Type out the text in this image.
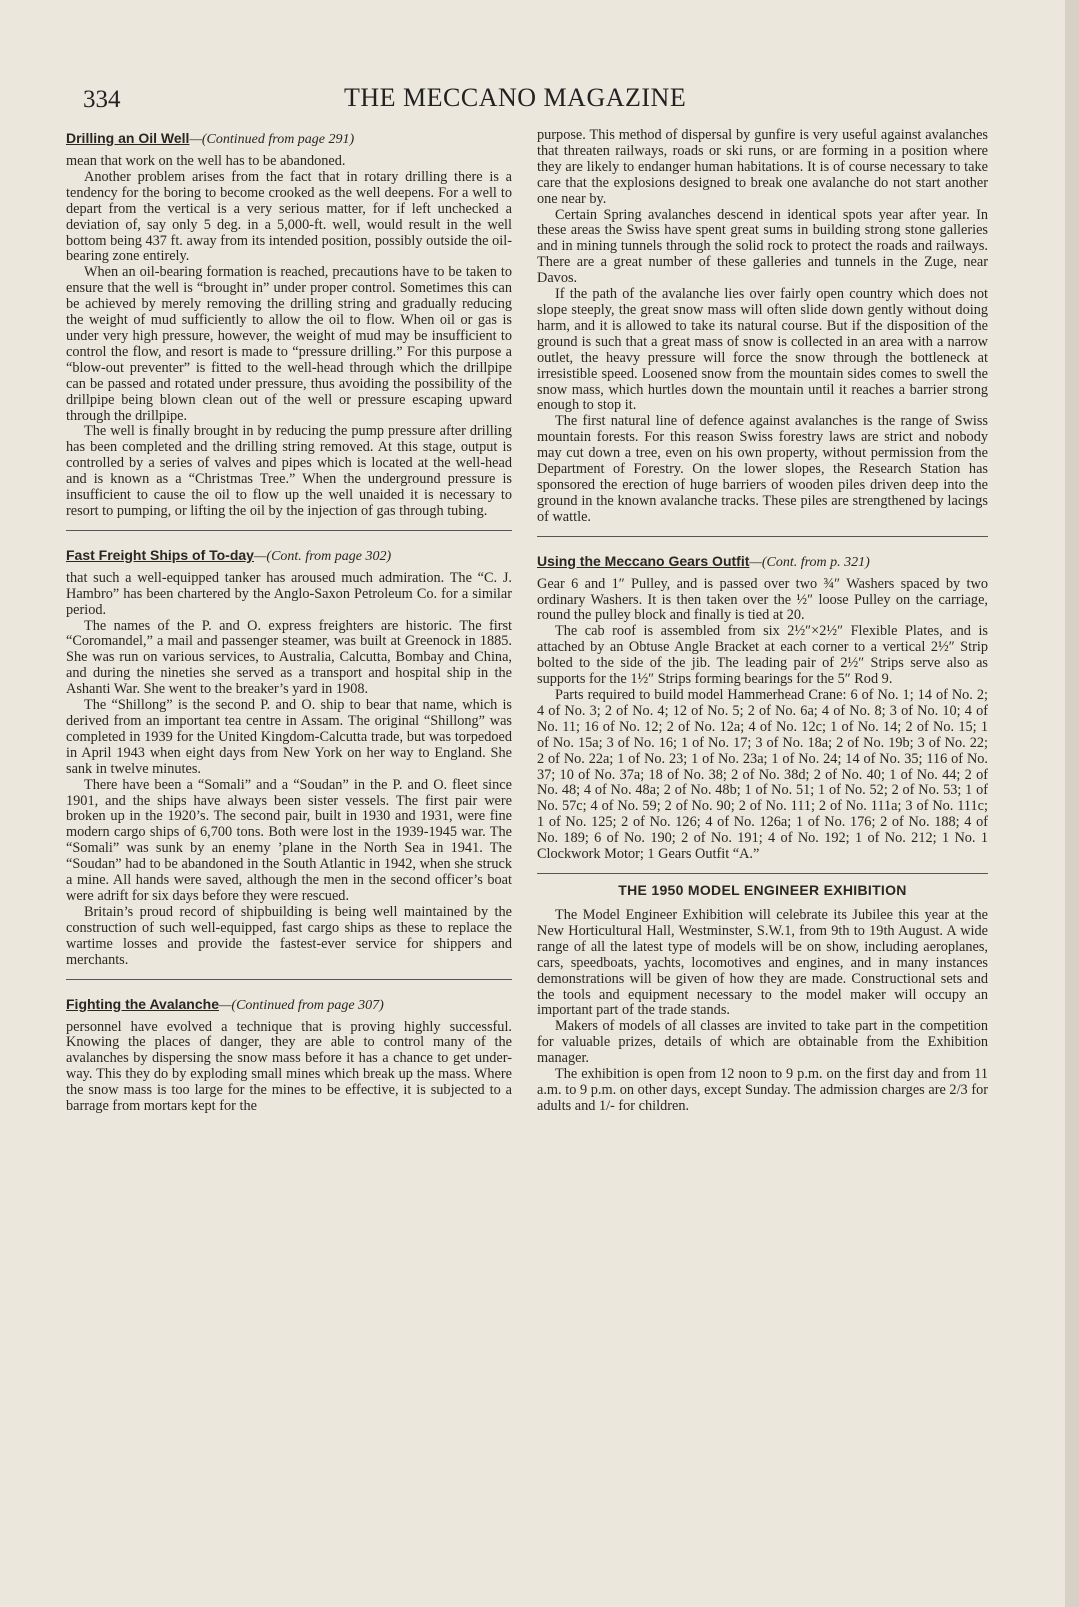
334	THE MECCANO MAGAZINE
Drilling an Oil Well—(Continued from page 291)

mean that work on the well has to be abandoned.

Another problem arises from the fact that in rotary drilling there is a tendency for the boring to become crooked as the well deepens. For a well to depart from the vertical is a very serious matter, for if left unchecked a deviation of, say only 5 deg. in a 5,000-ft. well, would result in the well bottom being 437 ft. away from its intended position, possibly outside the oil-bearing zone entirely.

When an oil-bearing formation is reached, precautions have to be taken to ensure that the well is “brought in” under proper control. Sometimes this can be achieved by merely removing the drilling string and gradually reducing the weight of mud sufficiently to allow the oil to flow. When oil or gas is under very high pressure, however, the weight of mud may be insufficient to control the flow, and resort is made to “pressure drilling.” For this purpose a “blow-out preventer” is fitted to the well-head through which the drillpipe can be passed and rotated under pressure, thus avoiding the possibility of the drillpipe being blown clean out of the well or pressure escaping upward through the drillpipe.

The well is finally brought in by reducing the pump pressure after drilling has been completed and the drilling string removed. At this stage, output is controlled by a series of valves and pipes which is located at the well-head and is known as a “Christmas Tree.” When the underground pressure is insufficient to cause the oil to flow up the well unaided it is necessary to resort to pumping, or lifting the oil by the injection of gas through tubing.

Fast Freight Ships of To-day—(Cont. from page 302)

that such a well-equipped tanker has aroused much admiration. The “C. J. Hambro” has been chartered by the Anglo-Saxon Petroleum Co. for a similar period.

The names of the P. and O. express freighters are historic. The first “Coromandel,” a mail and passenger steamer, was built at Greenock in 1885. She was run on various services, to Australia, Calcutta, Bombay and China, and during the nineties she served as a transport and hospital ship in the Ashanti War. She went to the breaker’s yard in 1908.

The “Shillong” is the second P. and O. ship to bear that name, which is derived from an important tea centre in Assam. The original “Shillong” was completed in 1939 for the United Kingdom-Calcutta trade, but was torpedoed in April 1943 when eight days from New York on her way to England. She sank in twelve minutes.

There have been a “Somali” and a “Soudan” in the P. and O. fleet since 1901, and the ships have always been sister vessels. The first pair were broken up in the 1920’s. The second pair, built in 1930 and 1931, were fine modern cargo ships of 6,700 tons. Both were lost in the 1939-1945 war. The “Somali” was sunk by an enemy ’plane in the North Sea in 1941. The “Soudan” had to be abandoned in the South Atlantic in 1942, when she struck a mine. All hands were saved, although the men in the second officer’s boat were adrift for six days before they were rescued.

Britain’s proud record of shipbuilding is being well maintained by the construction of such well-equipped, fast cargo ships as these to replace the wartime losses and provide the fastest-ever service for shippers and merchants.

Fighting the Avalanche—(Continued from page 307)

personnel have evolved a technique that is proving highly successful. Knowing the places of danger, they are able to control many of the avalanches by dispersing the snow mass before it has a chance to get under-way. This they do by exploding small mines which break up the mass. Where the snow mass is too large for the mines to be effective, it is subjected to a barrage from mortars kept for the

purpose. This method of dispersal by gunfire is very useful against avalanches that threaten railways, roads or ski runs, or are forming in a position where they are likely to endanger human habitations. It is of course necessary to take care that the explosions designed to break one avalanche do not start another one near by.

Certain Spring avalanches descend in identical spots year after year. In these areas the Swiss have spent great sums in building strong stone galleries and in mining tunnels through the solid rock to protect the roads and railways. There are a great number of these galleries and tunnels in the Zuge, near Davos.

If the path of the avalanche lies over fairly open country which does not slope steeply, the great snow mass will often slide down gently without doing harm, and it is allowed to take its natural course. But if the disposition of the ground is such that a great mass of snow is collected in an area with a narrow outlet, the heavy pressure will force the snow through the bottleneck at irresistible speed. Loosened snow from the mountain sides comes to swell the snow mass, which hurtles down the mountain until it reaches a barrier strong enough to stop it.

The first natural line of defence against avalanches is the range of Swiss mountain forests. For this reason Swiss forestry laws are strict and nobody may cut down a tree, even on his own property, without permission from the Department of Forestry. On the lower slopes, the Research Station has sponsored the erection of huge barriers of wooden piles driven deep into the ground in the known avalanche tracks. These piles are strengthened by lacings of wattle.

Using the Meccano Gears Outfit—(Cont. from p. 321)

Gear 6 and 1″ Pulley, and is passed over two ¾″ Washers spaced by two ordinary Washers. It is then taken over the ½″ loose Pulley on the carriage, round the pulley block and finally is tied at 20.

The cab roof is assembled from six 2½″×2½″ Flexible Plates, and is attached by an Obtuse Angle Bracket at each corner to a vertical 2½″ Strip bolted to the side of the jib. The leading pair of 2½″ Strips serve also as supports for the 1½″ Strips forming bearings for the 5″ Rod 9.

Parts required to build model Hammerhead Crane: 6 of No. 1; 14 of No. 2; 4 of No. 3; 2 of No. 4; 12 of No. 5; 2 of No. 6a; 4 of No. 8; 3 of No. 10; 4 of No. 11; 16 of No. 12; 2 of No. 12a; 4 of No. 12c; 1 of No. 14; 2 of No. 15; 1 of No. 15a; 3 of No. 16; 1 of No. 17; 3 of No. 18a; 2 of No. 19b; 3 of No. 22; 2 of No. 22a; 1 of No. 23; 1 of No. 23a; 1 of No. 24; 14 of No. 35; 116 of No. 37; 10 of No. 37a; 18 of No. 38; 2 of No. 38d; 2 of No. 40; 1 of No. 44; 2 of No. 48; 4 of No. 48a; 2 of No. 48b; 1 of No. 51; 1 of No. 52; 2 of No. 53; 1 of No. 57c; 4 of No. 59; 2 of No. 90; 2 of No. 111; 2 of No. 111a; 3 of No. 111c; 1 of No. 125; 2 of No. 126; 4 of No. 126a; 1 of No. 176; 2 of No. 188; 4 of No. 189; 6 of No. 190; 2 of No. 191; 4 of No. 192; 1 of No. 212; 1 No. 1 Clockwork Motor; 1 Gears Outfit “A.”

THE 1950 MODEL ENGINEER EXHIBITION

The Model Engineer Exhibition will celebrate its Jubilee this year at the New Horticultural Hall, Westminster, S.W.1, from 9th to 19th August. A wide range of all the latest type of models will be on show, including aeroplanes, cars, speedboats, yachts, locomotives and engines, and in many instances demonstrations will be given of how they are made. Constructional sets and the tools and equipment necessary to the model maker will occupy an important part of the trade stands.

Makers of models of all classes are invited to take part in the competition for valuable prizes, details of which are obtainable from the Exhibition manager.

The exhibition is open from 12 noon to 9 p.m. on the first day and from 11 a.m. to 9 p.m. on other days, except Sunday. The admission charges are 2/3 for adults and 1/- for children.
